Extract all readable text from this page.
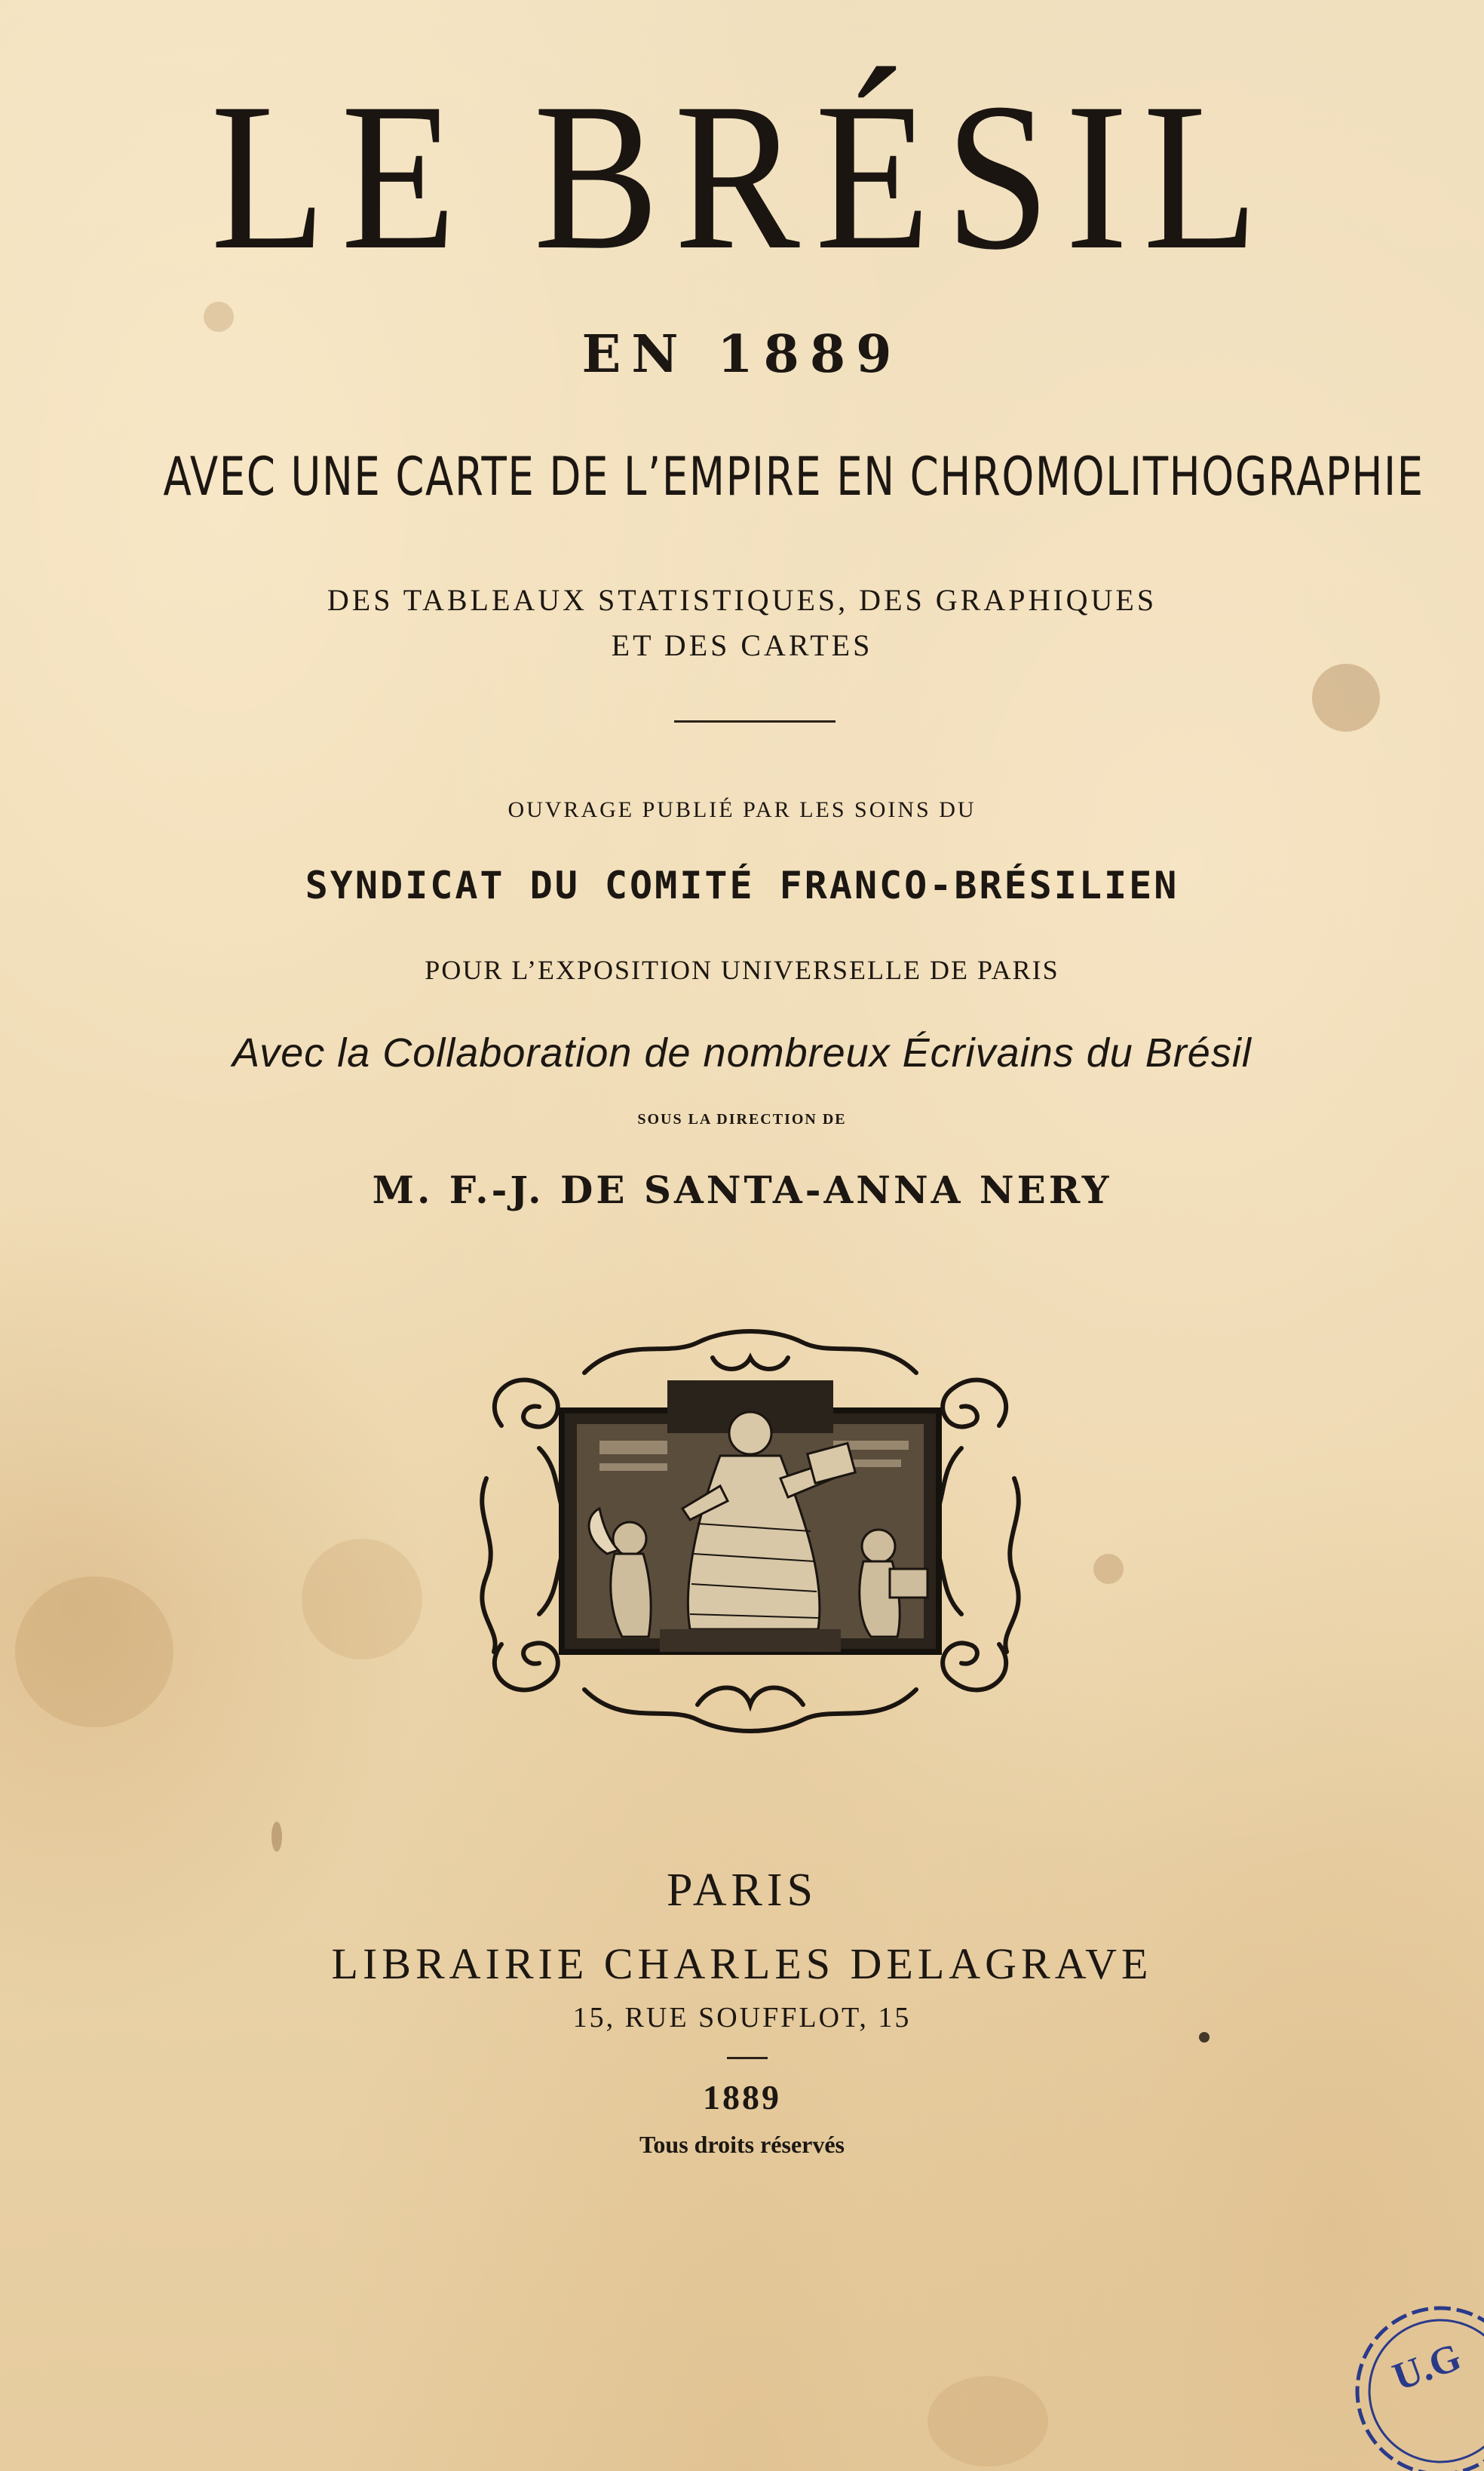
LE BRÉSIL
EN 1889
AVEC UNE CARTE DE L’EMPIRE EN CHROMOLITHOGRAPHIE
DES TABLEAUX STATISTIQUES, DES GRAPHIQUES
ET DES CARTES
OUVRAGE PUBLIÉ PAR LES SOINS DU
SYNDICAT DU COMITÉ FRANCO-BRÉSILIEN
POUR L’EXPOSITION UNIVERSELLE DE PARIS
Avec la Collaboration de nombreux Écrivains du Brésil
SOUS LA DIRECTION DE
M. F.-J. DE SANTA-ANNA NERY
PARIS
LIBRAIRIE CHARLES DELAGRAVE
15, RUE SOUFFLOT, 15
1889
Tous droits réservés
U.G
